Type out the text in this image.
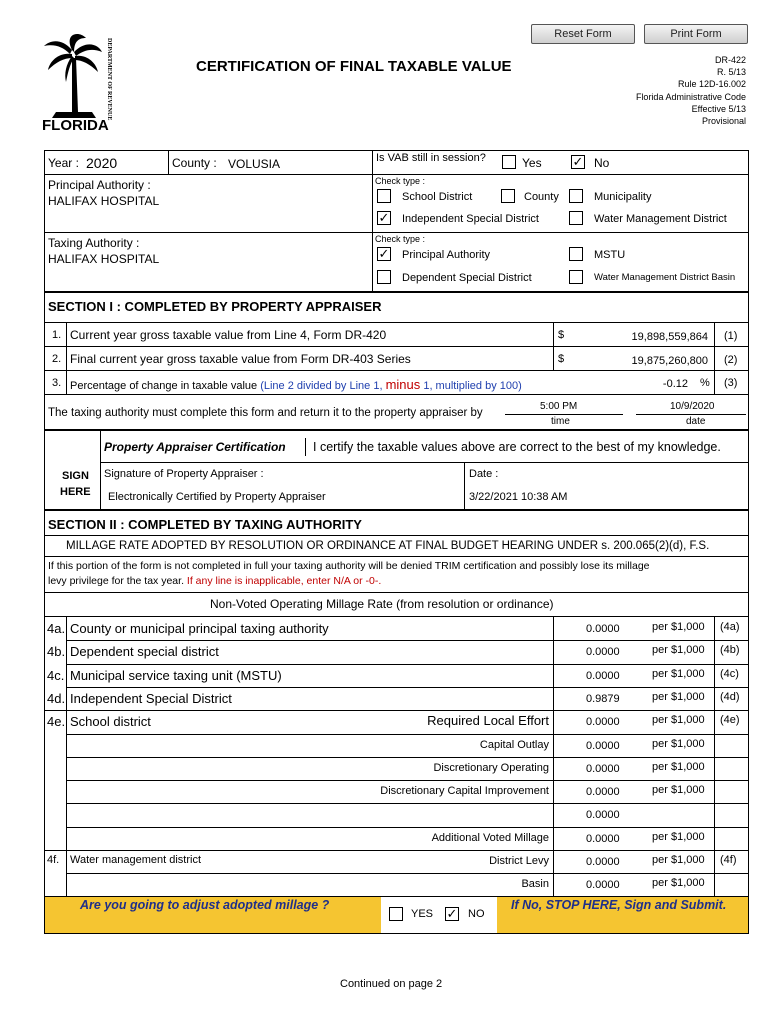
Reset Form	Print Form
DEPARTMENT OF REVENUE
FLORIDA
CERTIFICATION OF FINAL TAXABLE VALUE	DR-422
R. 5/13
Rule 12D-16.002
Florida Administrative Code
Effective 5/13
Provisional
Year : 2020	County : VOLUSIA	Is VAB still in session?	Yes ✓ No
Principal Authority :
HALIFAX HOSPITAL
Check type :
School District	County	Municipality
✓ Independent Special District	Water Management District
Taxing Authority :
HALIFAX HOSPITAL
Check type :
✓ Principal Authority	MSTU
Dependent Special District	Water Management District Basin
SECTION I : COMPLETED BY PROPERTY APPRAISER
1. Current year gross taxable value from Line 4, Form DR-420	$	19,898,559,864 (1)
2. Final current year gross taxable value from Form DR-403 Series	$	19,875,260,800 (2)
3. Percentage of change in taxable value (Line 2 divided by Line 1, minus 1, multiplied by 100)	-0.12 % (3)
The taxing authority must complete this form and return it to the property appraiser by
5:00 PM
time
10/9/2020
date
Property Appraiser Certification I certify the taxable values above are correct to the best of my knowledge.
SIGN
HERE
Signature of Property Appraiser :
Electronically Certified by Property Appraiser
Date :
3/22/2021 10:38 AM
SECTION II : COMPLETED BY TAXING AUTHORITY
MILLAGE RATE ADOPTED BY RESOLUTION OR ORDINANCE AT FINAL BUDGET HEARING UNDER s. 200.065(2)(d), F.S.
If this portion of the form is not completed in full your taxing authority will be denied TRIM certification and possibly lose its millage
levy privilege for the tax year. If any line is inapplicable, enter N/A or -0-.
Non-Voted Operating Millage Rate (from resolution or ordinance)
4a. County or municipal principal taxing authority	0.0000	per $1,000 (4a)
4b. Dependent special district	0.0000	per $1,000 (4b)
4c. Municipal service taxing unit (MSTU)	0.0000	per $1,000 (4c)
4d. Independent Special District	0.9879	per $1,000 (4d)
4e. School district	Required Local Effort	0.0000	per $1,000 (4e)
Capital Outlay	0.0000	per $1,000
Discretionary Operating	0.0000	per $1,000
Discretionary Capital Improvement	0.0000	per $1,000
0.0000
Additional Voted Millage	0.0000	per $1,000
4f. Water management district	District Levy	0.0000	per $1,000 (4f)
Basin	0.0000	per $1,000
Are you going to adjust adopted millage ?
YES ✓ NO
If No, STOP HERE, Sign and Submit.
Continued on page 2
